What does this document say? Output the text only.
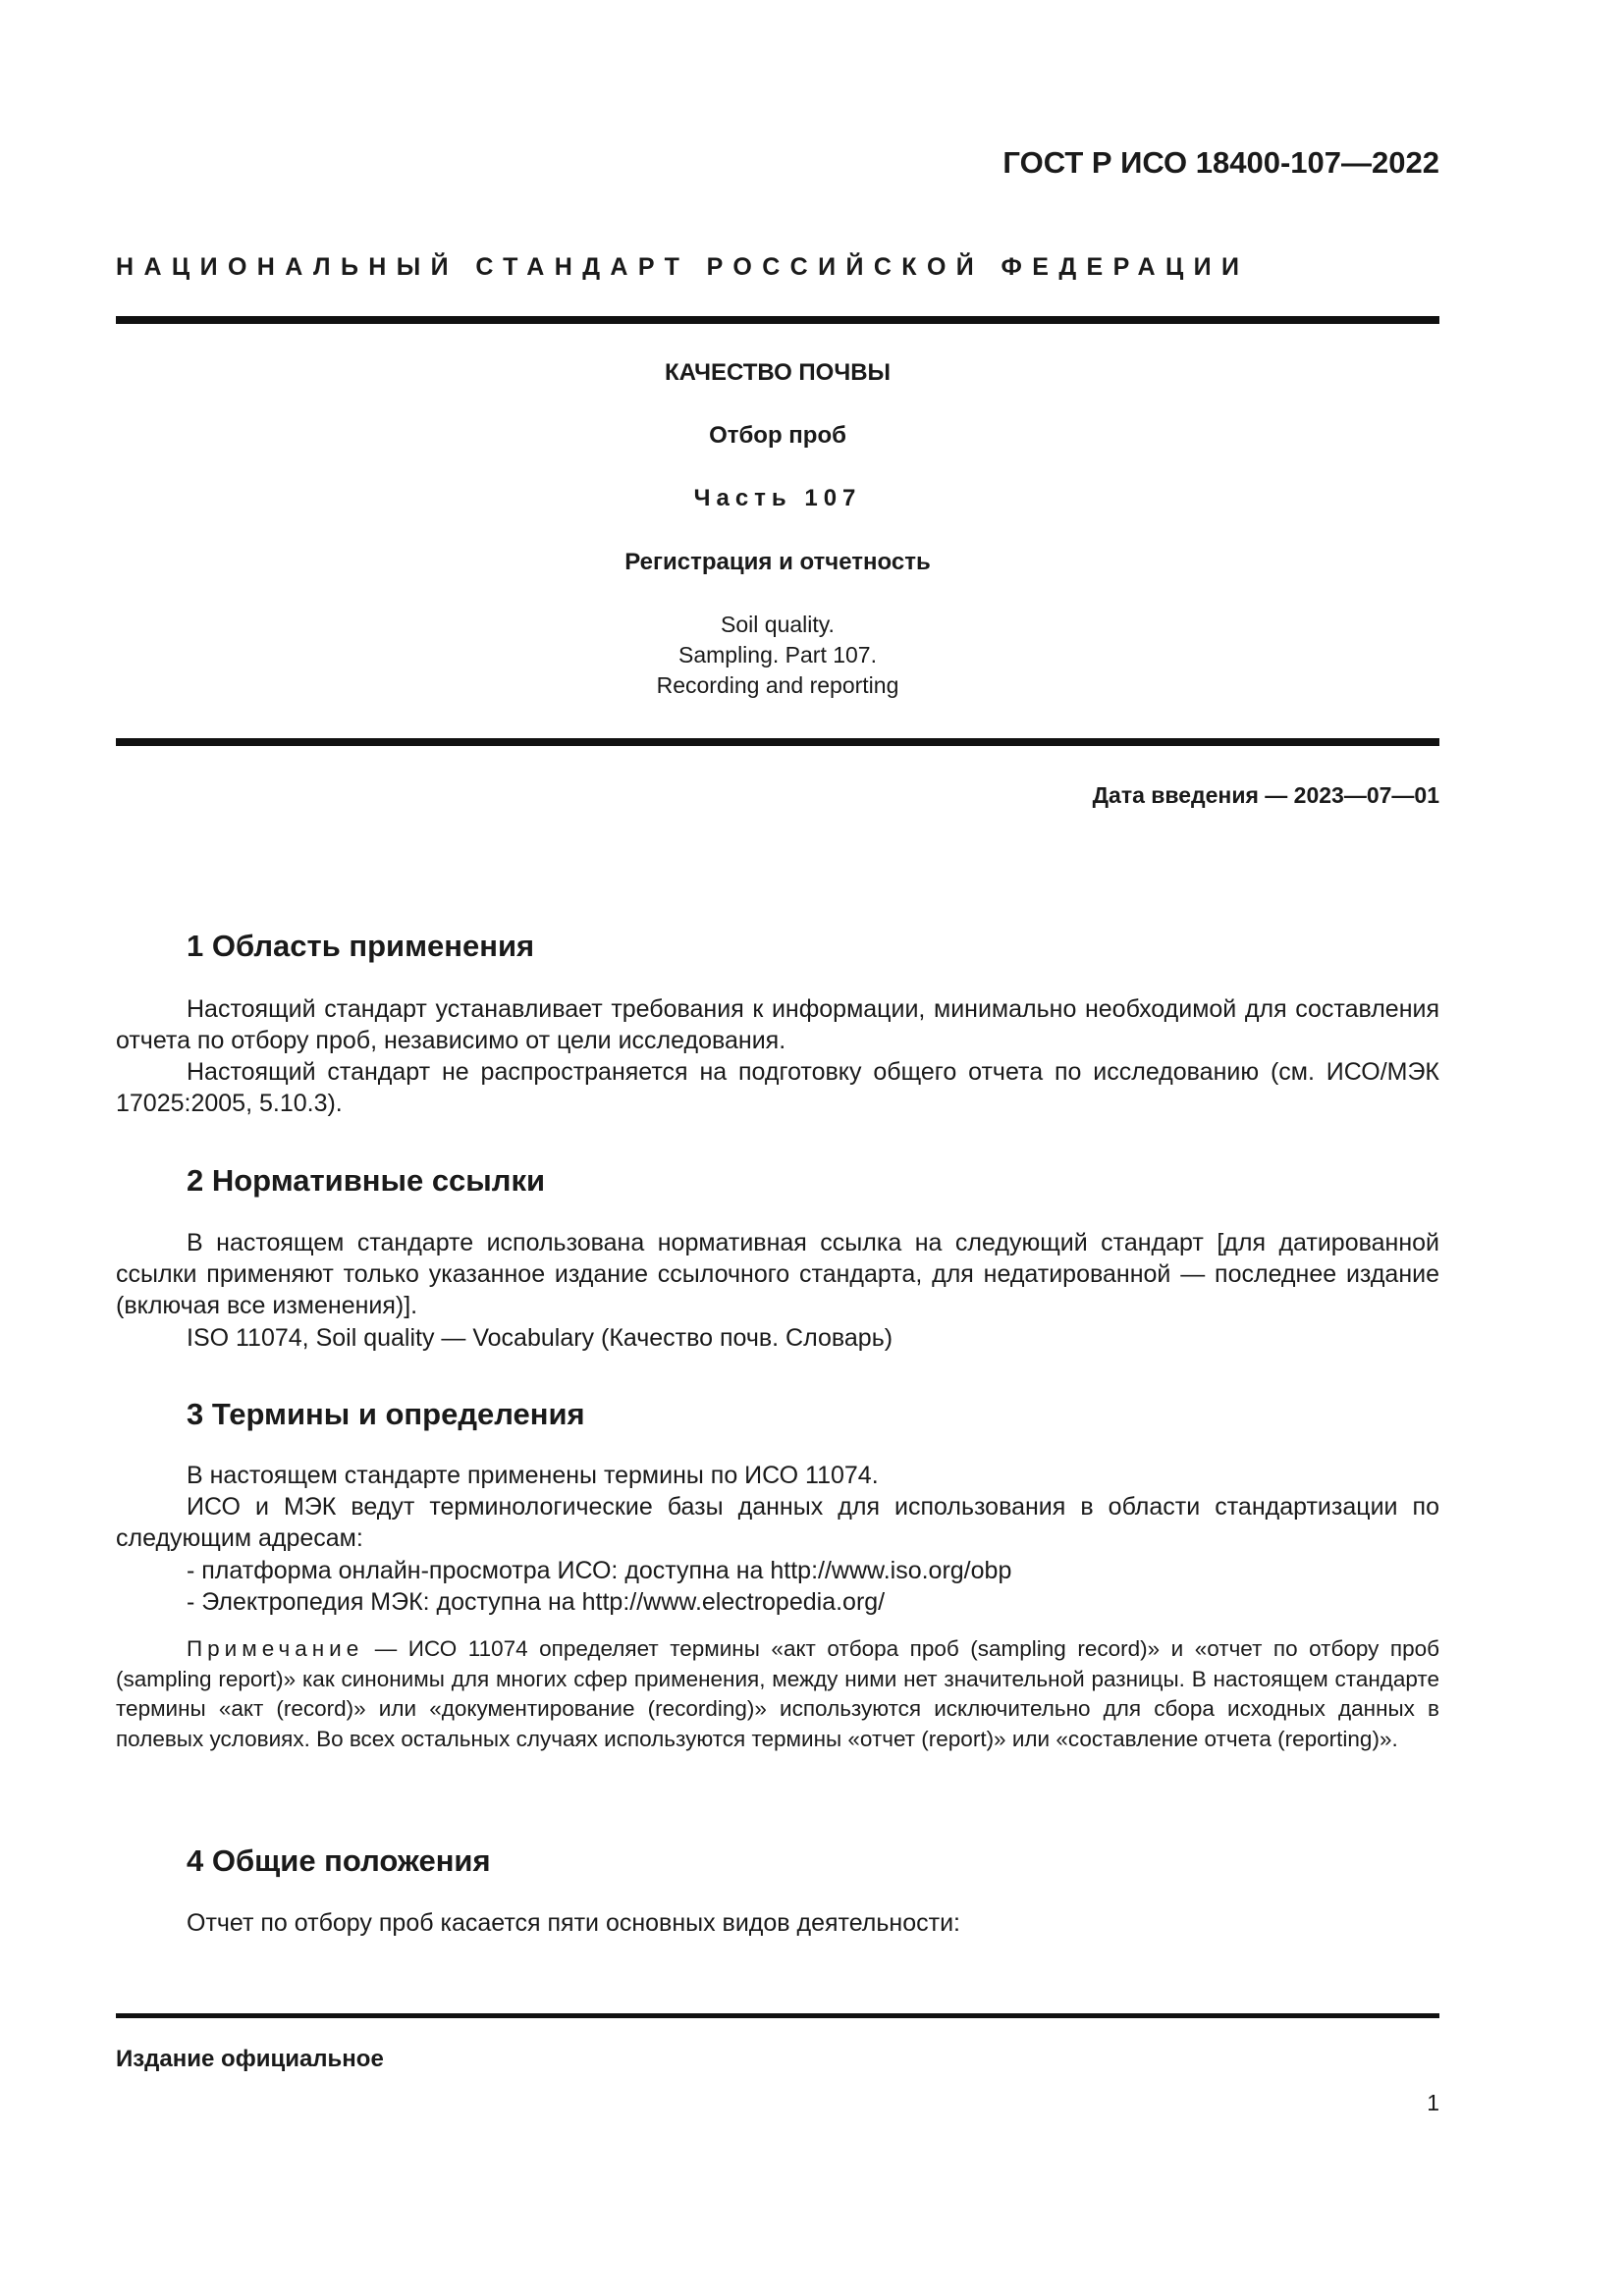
ГОСТ Р ИСО 18400-107—2022
НАЦИОНАЛЬНЫЙ СТАНДАРТ РОССИЙСКОЙ ФЕДЕРАЦИИ
КАЧЕСТВО ПОЧВЫ
Отбор проб
Часть 107
Регистрация и отчетность
Soil quality.
Sampling. Part 107.
Recording and reporting
Дата введения — 2023—07—01
1 Область применения

Настоящий стандарт устанавливает требования к информации, минимально необходимой для составления отчета по отбору проб, независимо от цели исследования.

Настоящий стандарт не распространяется на подготовку общего отчета по исследованию (см. ИСО/МЭК 17025:2005, 5.10.3).

2 Нормативные ссылки

В настоящем стандарте использована нормативная ссылка на следующий стандарт [для датированной ссылки применяют только указанное издание ссылочного стандарта, для недатированной — последнее издание (включая все изменения)].

ISO 11074, Soil quality — Vocabulary (Качество почв. Словарь)

3 Термины и определения

В настоящем стандарте применены термины по ИСО 11074.

ИСО и МЭК ведут терминологические базы данных для использования в области стандартизации по следующим адресам:

- платформа онлайн-просмотра ИСО: доступна на http://www.iso.org/obp

- Электропедия МЭК: доступна на http://www.electropedia.org/

Примечание — ИСО 11074 определяет термины «акт отбора проб (sampling record)» и «отчет по отбору проб (sampling report)» как синонимы для многих сфер применения, между ними нет значительной разницы. В настоящем стандарте термины «акт (record)» или «документирование (recording)» используются исключительно для сбора исходных данных в полевых условиях. Во всех остальных случаях используются термины «отчет (report)» или «составление отчета (reporting)».

4 Общие положения

Отчет по отбору проб касается пяти основных видов деятельности:

Издание официальное
1
